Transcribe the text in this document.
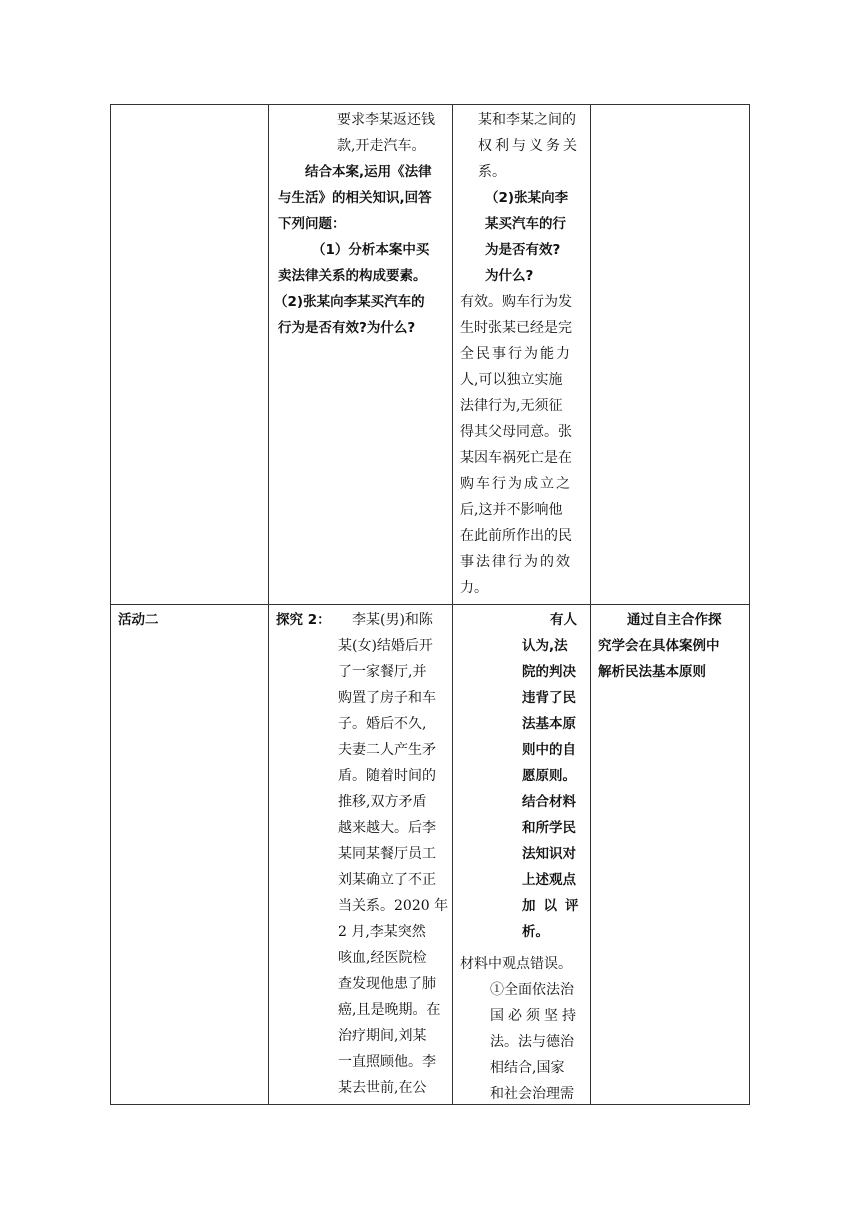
要求李某返还钱
款,开走汽车。
结合本案,运用《法律
与生活》的相关知识,回答
下列问题：
（1）分析本案中买
卖法律关系的构成要素。
（2)张某向李某买汽车的
行为是否有效?为什么?
某和李某之间的
权利与义务关
系。
（2)张某向李
某买汽车的行
为是否有效?
为什么?
有效。购车行为发
生时张某已经是完
全民事行为能力
人,可以独立实施
法律行为,无须征
得其父母同意。张
某因车祸死亡是在
购车行为成立之
后,这并不影响他
在此前所作出的民
事法律行为的效
力。
活动二	探究 2： 李某(男)和陈
某(女)结婚后开
了一家餐厅,并
购置了房子和车
子。婚后不久,
夫妻二人产生矛
盾。随着时间的
推移,双方矛盾
越来越大。后李
某同某餐厅员工
刘某确立了不正
当关系。2020 年
2 月,李某突然
咳血,经医院检
查发现他患了肺
癌,且是晚期。在
治疗期间,刘某
一直照顾他。李
某去世前,在公
有人
认为,法
院的判决
违背了民
法基本原
则中的自
愿原则。
结合材料
和所学民
法知识对
上述观点
加以评
析。
材料中观点错误。
①全面依法治
国必须坚持
法。法与德治
相结合,国家
和社会治理需
通过自主合作探
究学会在具体案例中
解析民法基本原则
